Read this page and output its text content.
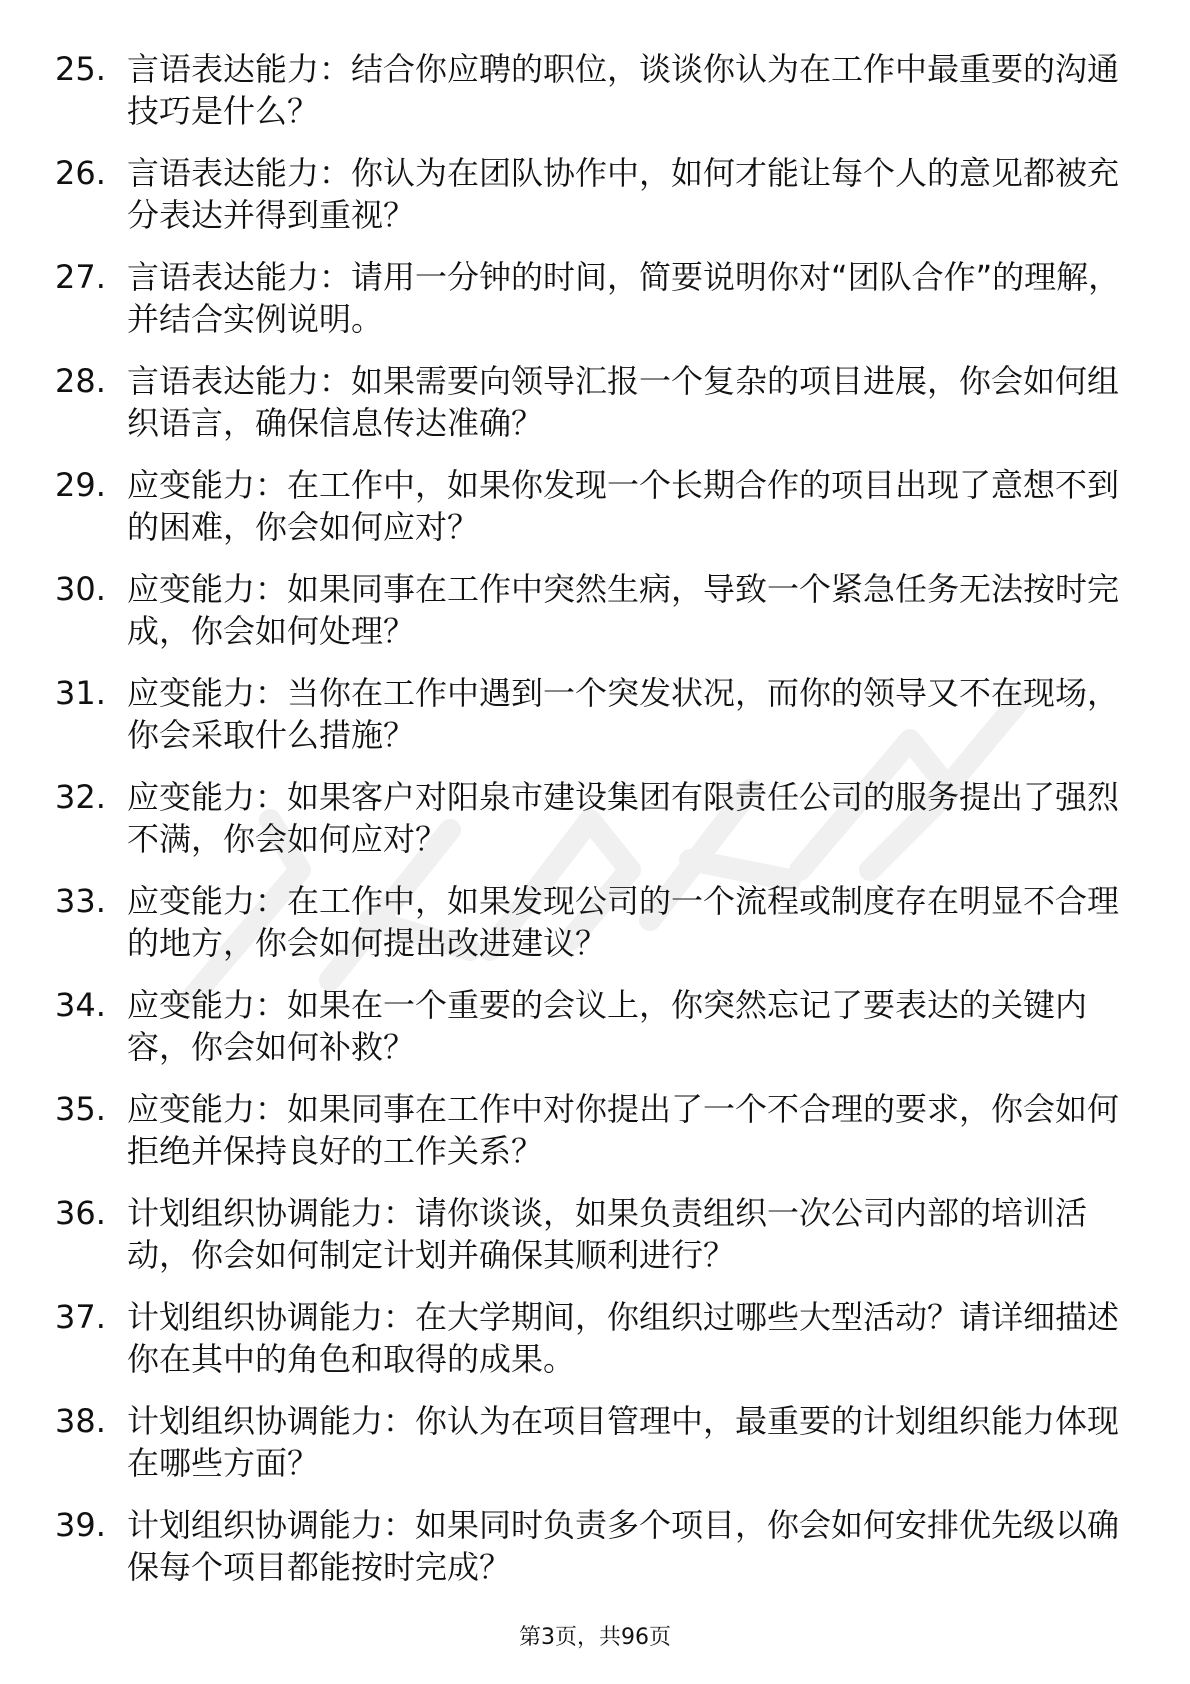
25. 言语表达能力：结合你应聘的职位，谈谈你认为在工作中最重要的沟通技巧是什么？
26. 言语表达能力：你认为在团队协作中，如何才能让每个人的意见都被充分表达并得到重视？
27. 言语表达能力：请用一分钟的时间，简要说明你对“团队合作”的理解，并结合实例说明。
28. 言语表达能力：如果需要向领导汇报一个复杂的项目进展，你会如何组织语言，确保信息传达准确？
29. 应变能力：在工作中，如果你发现一个长期合作的项目出现了意想不到的困难，你会如何应对？
30. 应变能力：如果同事在工作中突然生病，导致一个紧急任务无法按时完成，你会如何处理？
31. 应变能力：当你在工作中遇到一个突发状况，而你的领导又不在现场，你会采取什么措施？
32. 应变能力：如果客户对阳泉市建设集团有限责任公司的服务提出了强烈不满，你会如何应对？
33. 应变能力：在工作中，如果发现公司的一个流程或制度存在明显不合理的地方，你会如何提出改进建议？
34. 应变能力：如果在一个重要的会议上，你突然忘记了要表达的关键内容，你会如何补救？
35. 应变能力：如果同事在工作中对你提出了一个不合理的要求，你会如何拒绝并保持良好的工作关系？
36. 计划组织协调能力：请你谈谈，如果负责组织一次公司内部的培训活动，你会如何制定计划并确保其顺利进行？
37. 计划组织协调能力：在大学期间，你组织过哪些大型活动？请详细描述你在其中的角色和取得的成果。
38. 计划组织协调能力：你认为在项目管理中，最重要的计划组织能力体现在哪些方面？
39. 计划组织协调能力：如果同时负责多个项目，你会如何安排优先级以确保每个项目都能按时完成？
第3页，共96页
